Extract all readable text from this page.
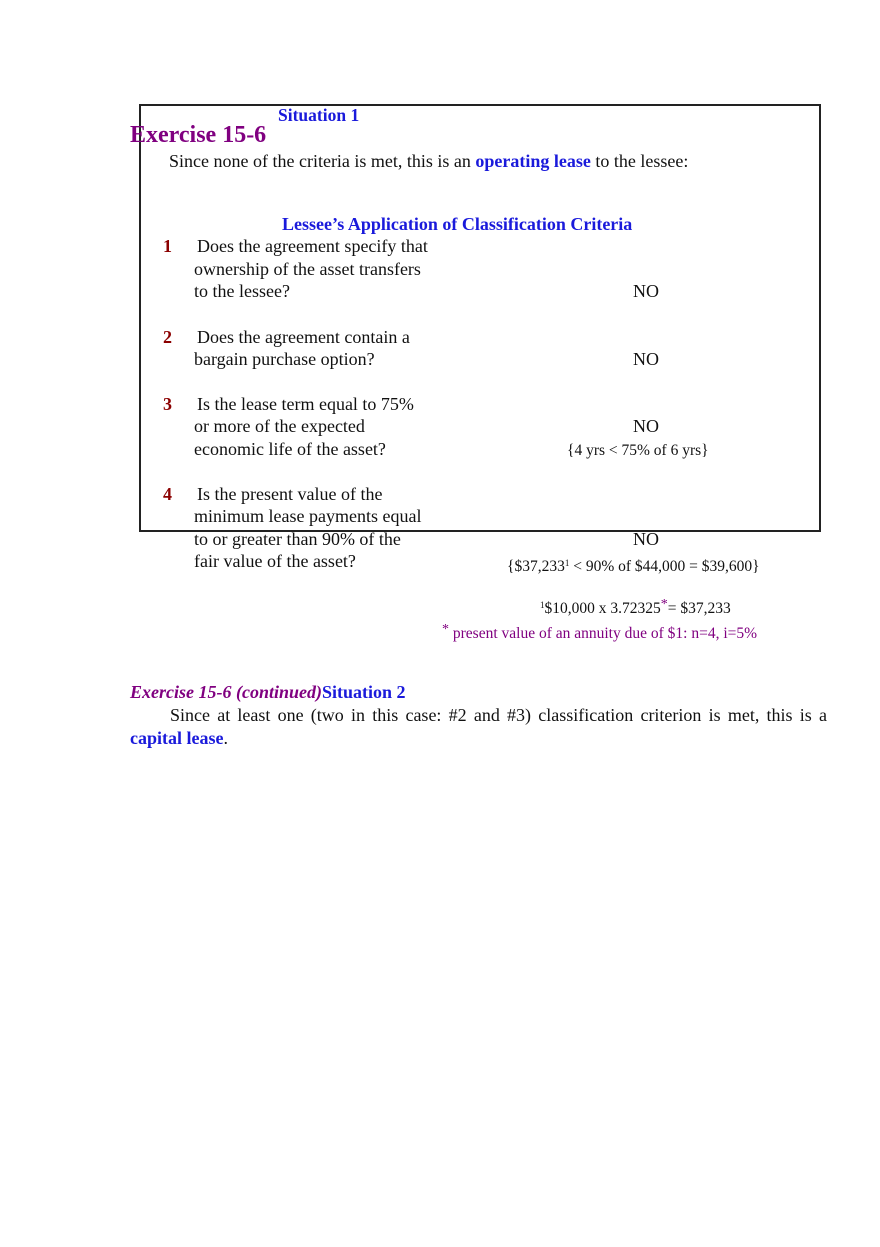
Situation 1
Exercise 15-6
Since none of the criteria is met, this is an operating lease to the lessee:
Lessee’s Application of Classification Criteria
1 Does the agreement specify that
ownership of the asset transfers
to the lessee?	NO
2 Does the agreement contain a
bargain purchase option?	NO
3 Is the lease term equal to 75%
or more of the expected
economic life of the asset?
NO
{4 yrs < 75% of 6 yrs}
4 Is the present value of the
minimum lease payments equal
to or greater than 90% of the
fair value of the asset?
NO
{$\$37,233^1 < 90\%$ of $44,000 = $39,600}
$^1$\$10,000 x 3.72325*= $37,233
* present value of an annuity due of $1: n=4, i=5%
Exercise 15-6 (continued)Situation 2
Since at least one (two in this case: #2 and #3) classification criterion is met, this is a capital lease.
